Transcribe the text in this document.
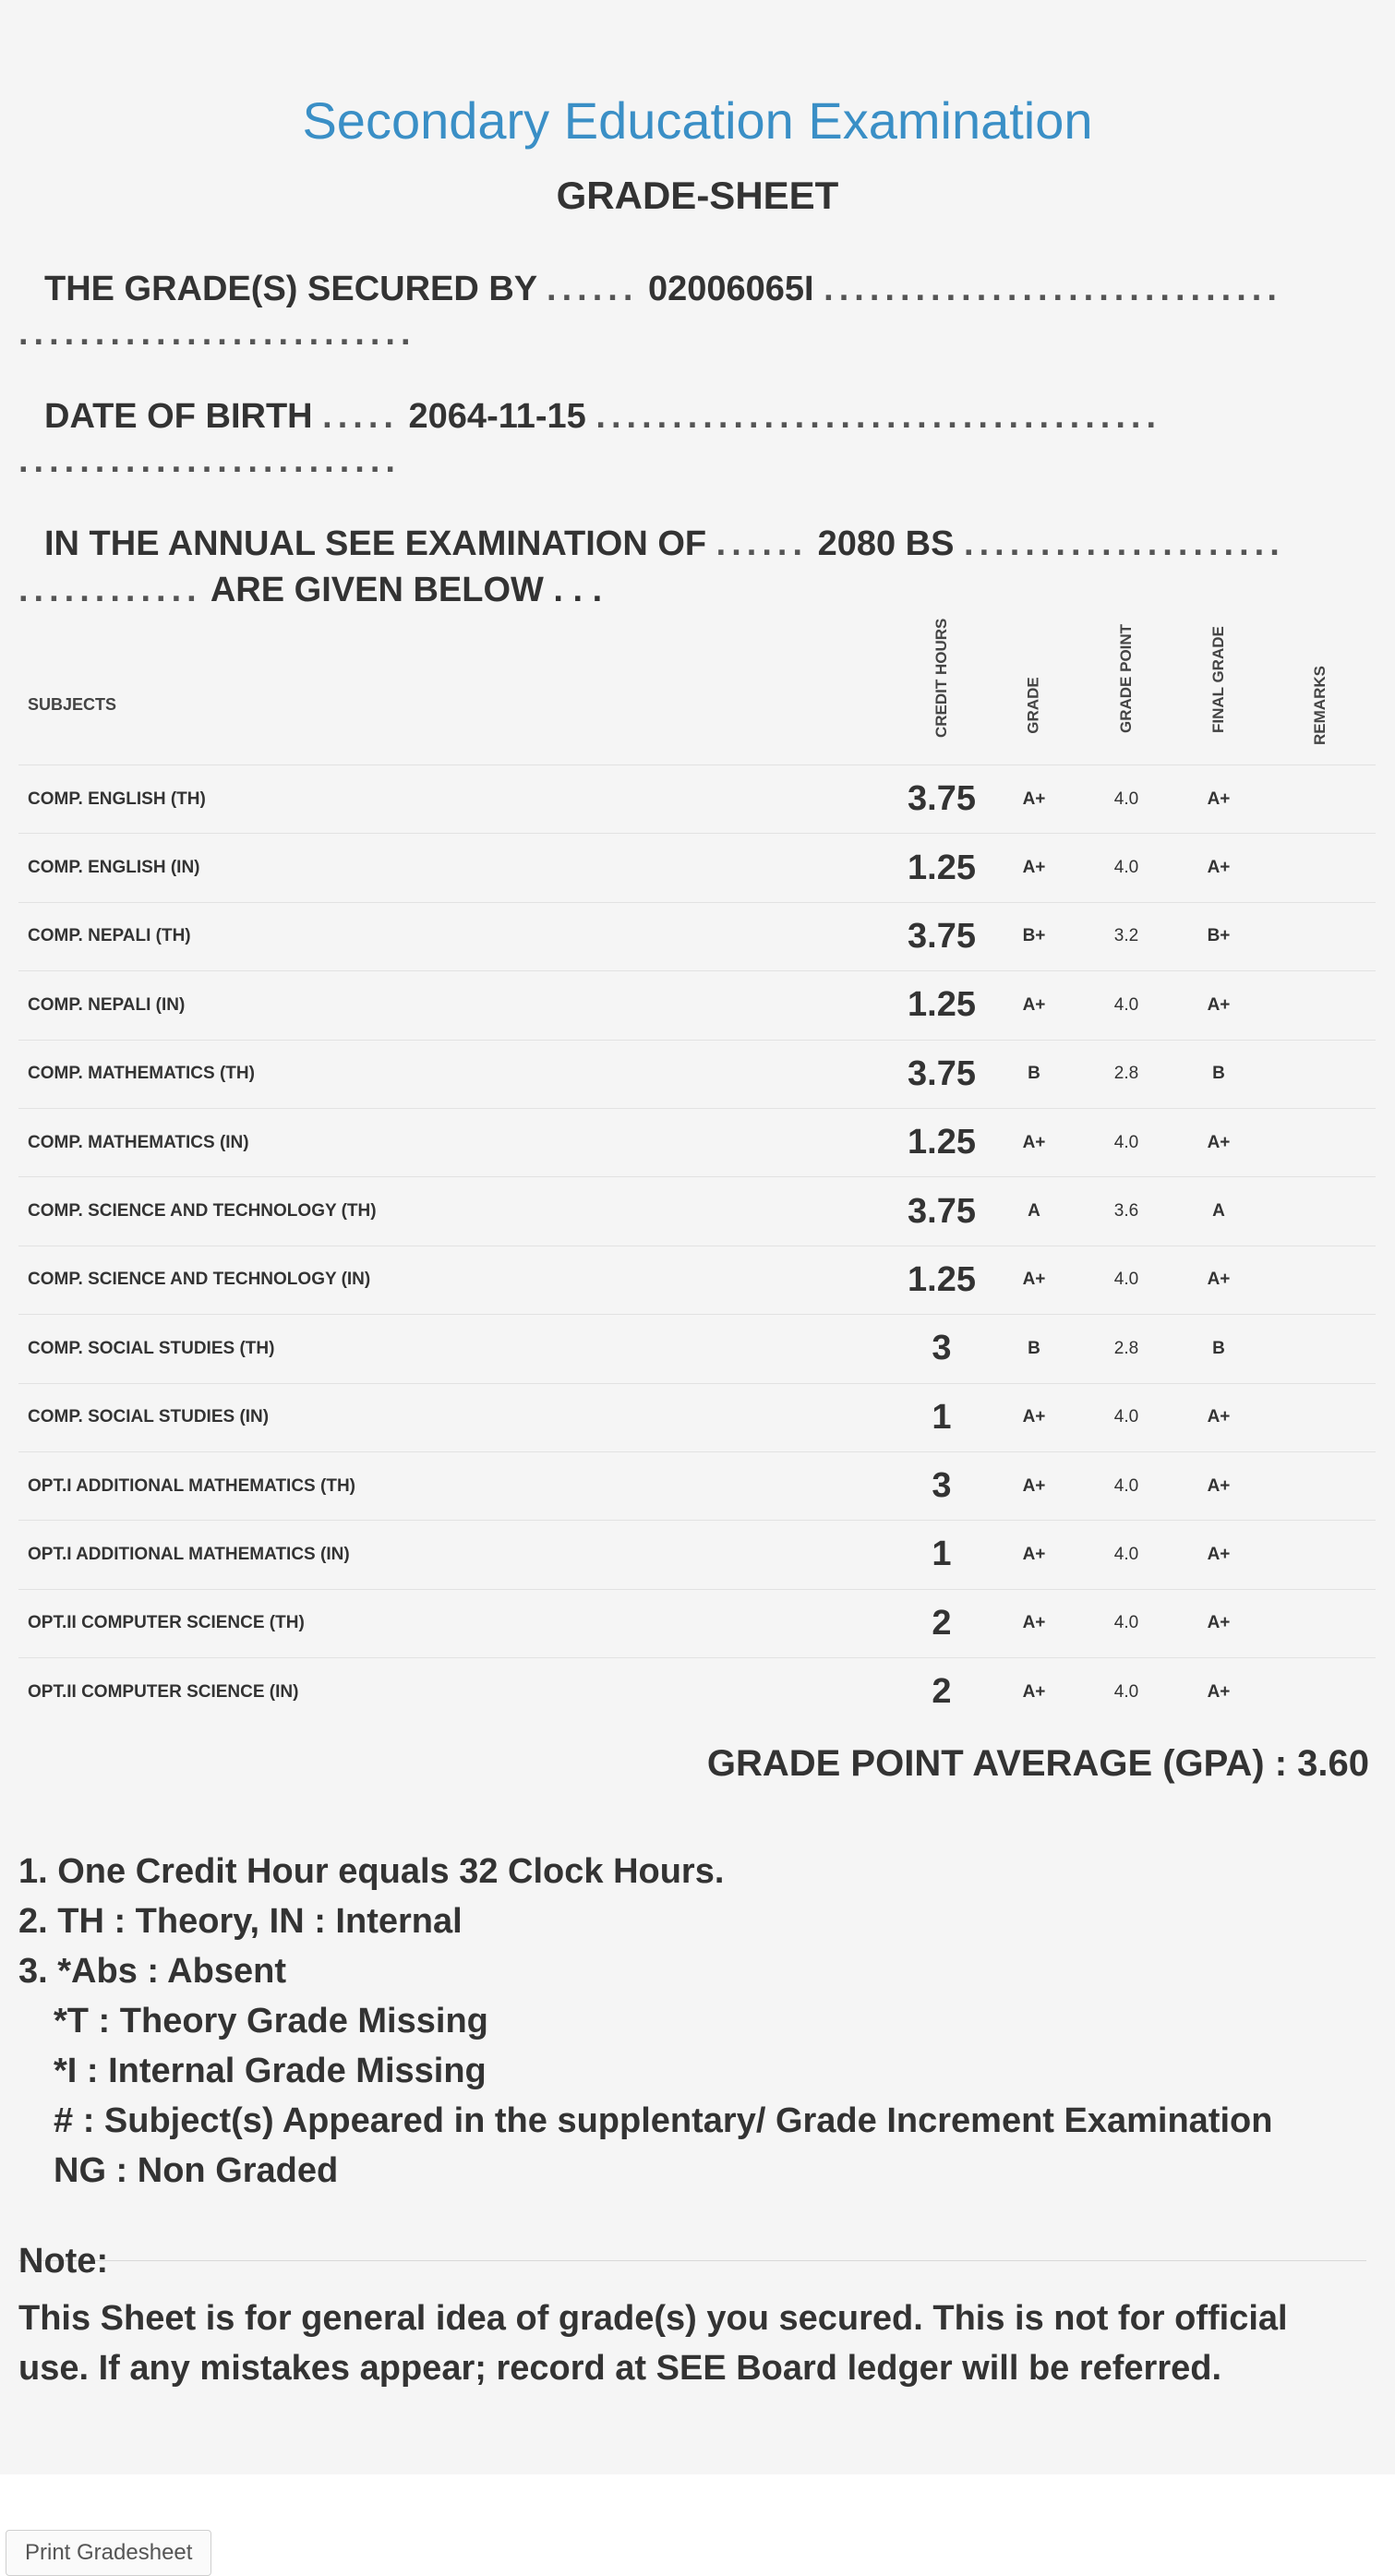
Secondary Education Examination
GRADE-SHEET
THE GRADE(S) SECURED BY ...... 02006065I ..............................
..........................
DATE OF BIRTH ..... 2064-11-15 .....................................
.........................
IN THE ANNUAL SEE EXAMINATION OF ...... 2080 BS .....................
............ ARE GIVEN BELOW . . .
SUBJECTS	CREDIT HOURS	GRADE	GRADE POINT	FINAL GRADE	REMARKS
COMP. ENGLISH (TH)	3.75	A+	4.0	A+	
COMP. ENGLISH (IN)	1.25	A+	4.0	A+	
COMP. NEPALI (TH)	3.75	B+	3.2	B+	
COMP. NEPALI (IN)	1.25	A+	4.0	A+	
COMP. MATHEMATICS (TH)	3.75	B	2.8	B	
COMP. MATHEMATICS (IN)	1.25	A+	4.0	A+	
COMP. SCIENCE AND TECHNOLOGY (TH)	3.75	A	3.6	A	
COMP. SCIENCE AND TECHNOLOGY (IN)	1.25	A+	4.0	A+	
COMP. SOCIAL STUDIES (TH)	3	B	2.8	B	
COMP. SOCIAL STUDIES (IN)	1	A+	4.0	A+	
OPT.I ADDITIONAL MATHEMATICS (TH)	3	A+	4.0	A+	
OPT.I ADDITIONAL MATHEMATICS (IN)	1	A+	4.0	A+	
OPT.II COMPUTER SCIENCE (TH)	2	A+	4.0	A+	
OPT.II COMPUTER SCIENCE (IN)	2	A+	4.0	A+	
GRADE POINT AVERAGE (GPA) : 3.60
1. One Credit Hour equals 32 Clock Hours.
2. TH : Theory, IN : Internal
3. *Abs : Absent
*T : Theory Grade Missing
*I : Internal Grade Missing
# : Subject(s) Appeared in the supplentary/ Grade Increment Examination
NG : Non Graded
Note:
This Sheet is for general idea of grade(s) you secured. This is not for official use. If any mistakes appear; record at SEE Board ledger will be referred.
Print Gradesheet
